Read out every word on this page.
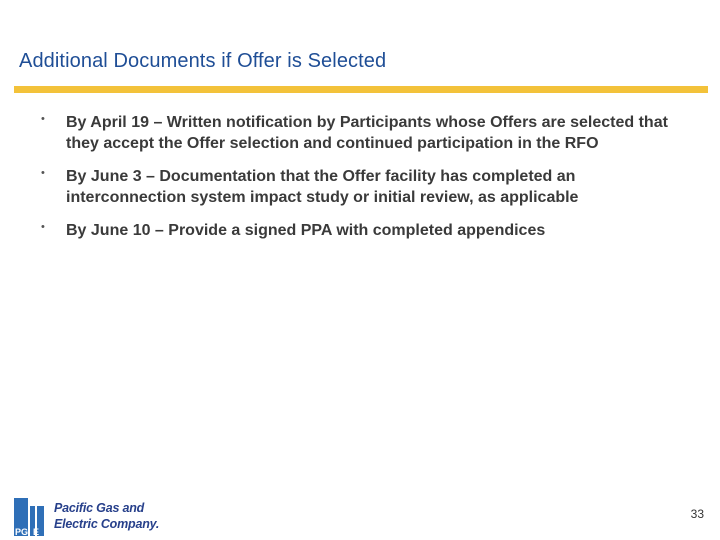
Additional Documents if Offer is Selected
• By April 19 – Written notification by Participants whose Offers are selected that they accept the Offer selection and continued participation in the RFO
• By June 3 – Documentation that the Offer facility has completed an interconnection system impact study or initial review, as applicable
• By June 10 – Provide a signed PPA with completed appendices
PG E
Pacific Gas and
Electric Company.
33
